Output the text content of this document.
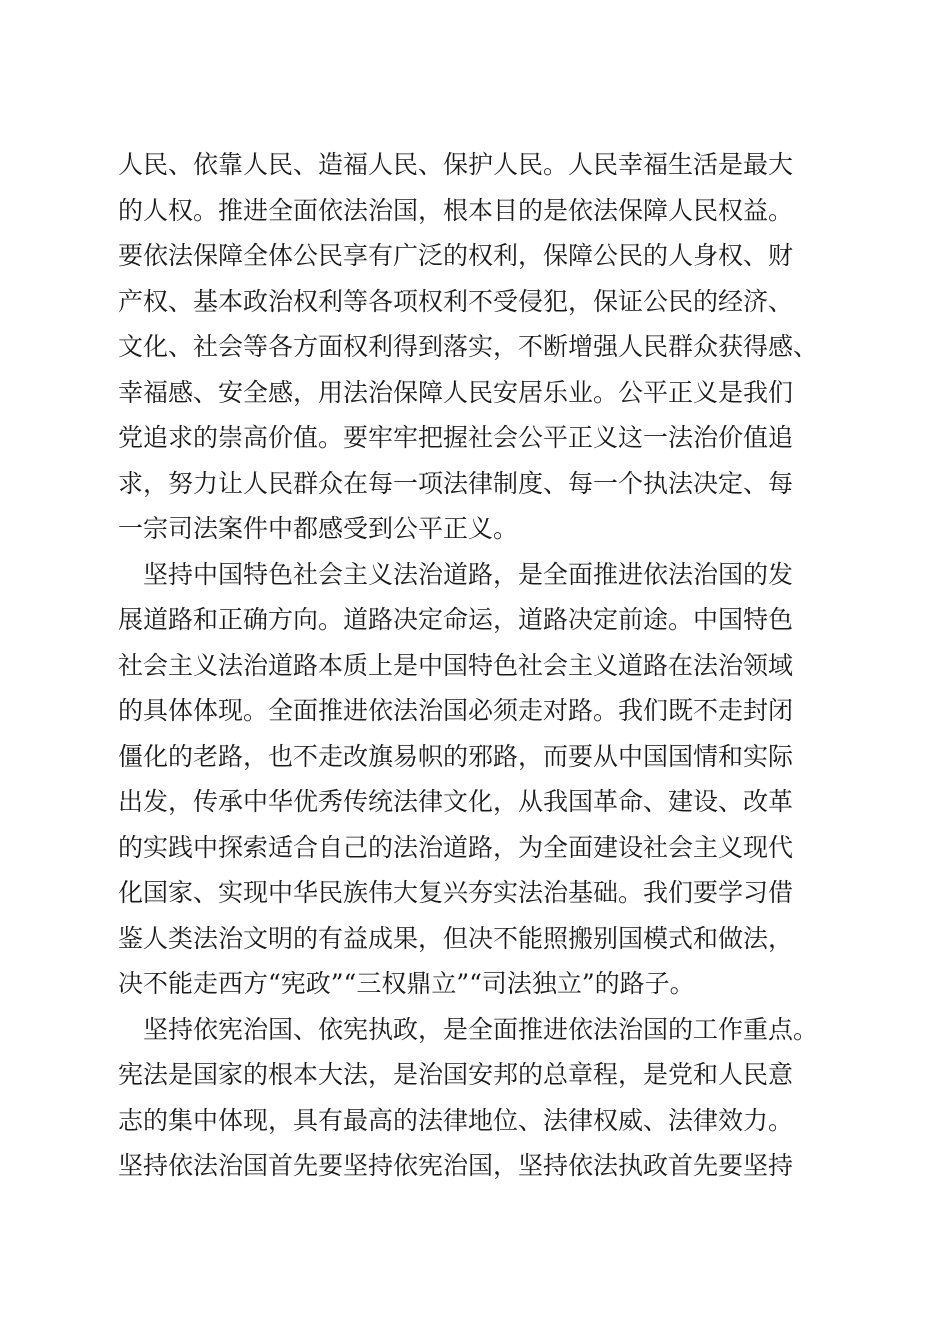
人民、依靠人民、造福人民、保护人民。人民幸福生活是最大
的人权。推进全面依法治国，根本目的是依法保障人民权益。
要依法保障全体公民享有广泛的权利，保障公民的人身权、财
产权、基本政治权利等各项权利不受侵犯，保证公民的经济、
文化、社会等各方面权利得到落实，不断增强人民群众获得感、
幸福感、安全感，用法治保障人民安居乐业。公平正义是我们
党追求的崇高价值。要牢牢把握社会公平正义这一法治价值追
求，努力让人民群众在每一项法律制度、每一个执法决定、每
一宗司法案件中都感受到公平正义。
　坚持中国特色社会主义法治道路，是全面推进依法治国的发
展道路和正确方向。道路决定命运，道路决定前途。中国特色
社会主义法治道路本质上是中国特色社会主义道路在法治领域
的具体体现。全面推进依法治国必须走对路。我们既不走封闭
僵化的老路，也不走改旗易帜的邪路，而要从中国国情和实际
出发，传承中华优秀传统法律文化，从我国革命、建设、改革
的实践中探索适合自己的法治道路，为全面建设社会主义现代
化国家、实现中华民族伟大复兴夯实法治基础。我们要学习借
鉴人类法治文明的有益成果，但决不能照搬别国模式和做法，
决不能走西方“宪政”“三权鼎立”“司法独立”的路子。
　坚持依宪治国、依宪执政，是全面推进依法治国的工作重点。
宪法是国家的根本大法，是治国安邦的总章程，是党和人民意
志的集中体现，具有最高的法律地位、法律权威、法律效力。
坚持依法治国首先要坚持依宪治国，坚持依法执政首先要坚持
